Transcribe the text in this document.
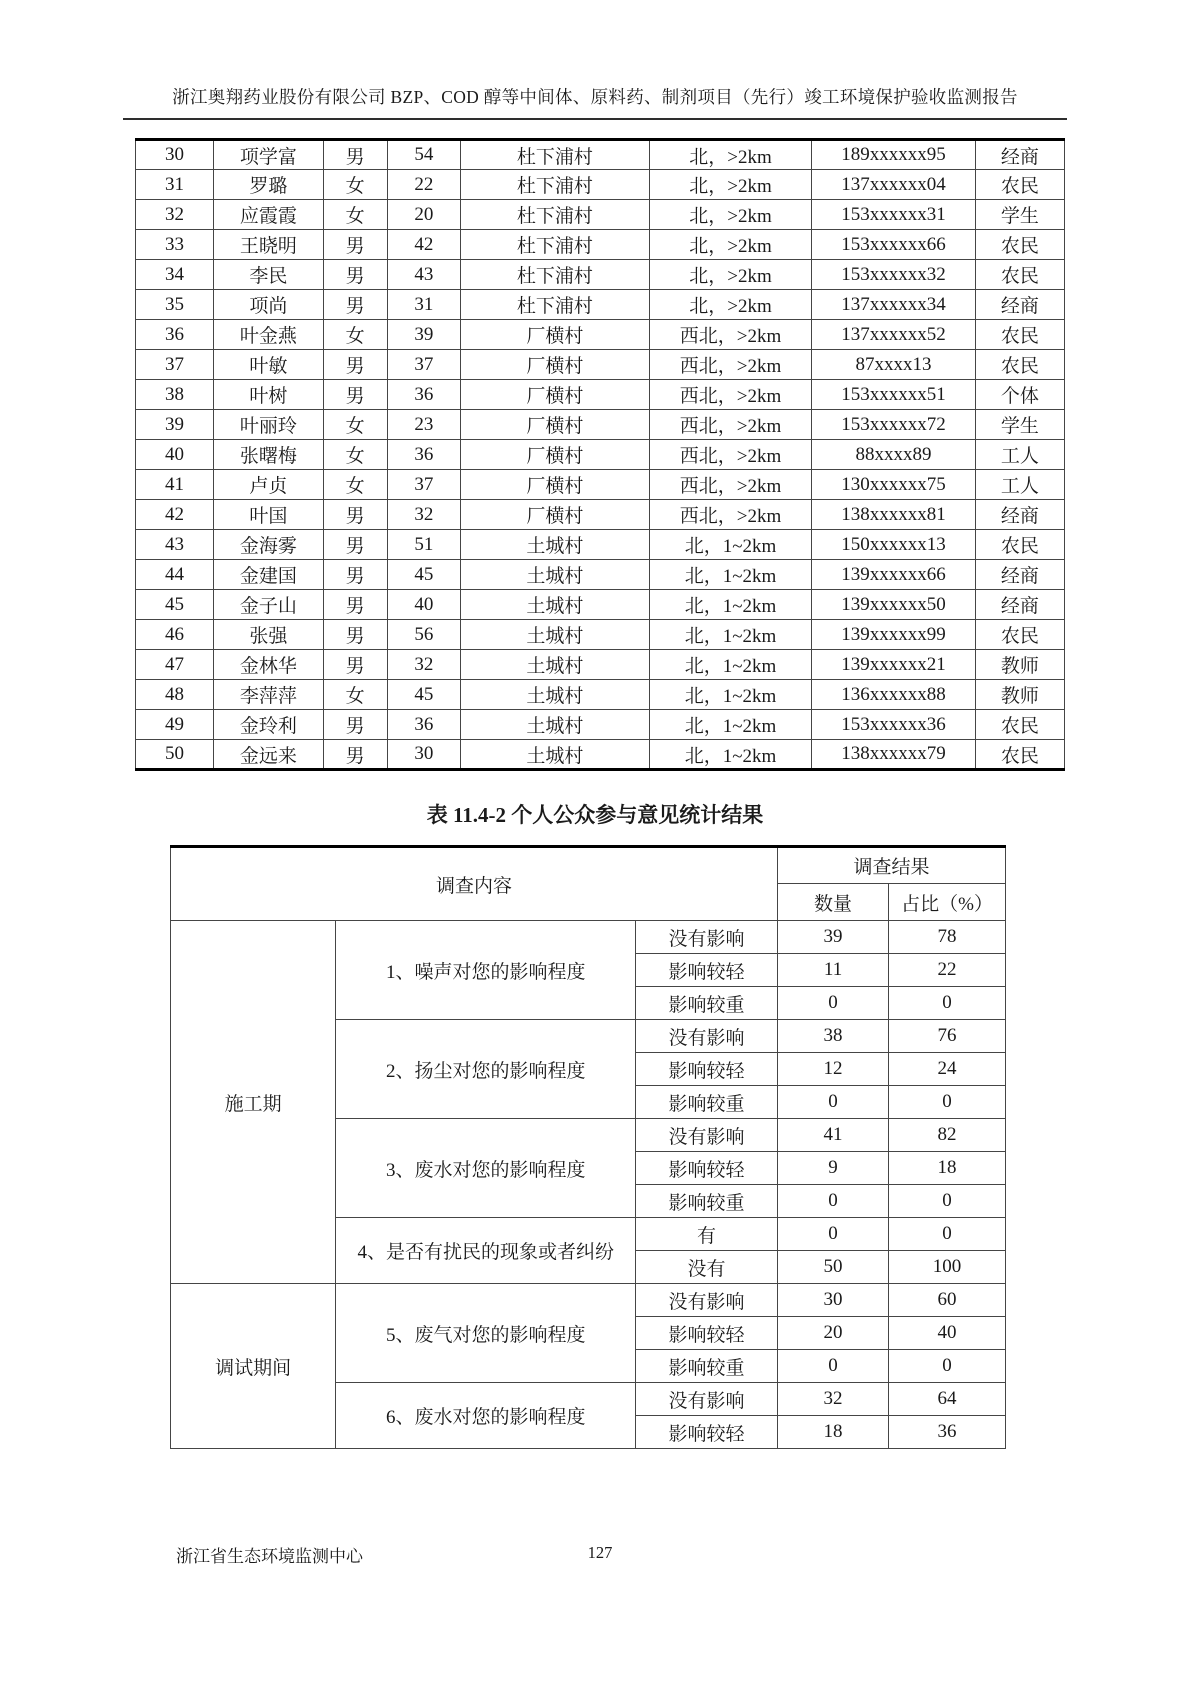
浙江奥翔药业股份有限公司 BZP、COD 醇等中间体、原料药、制剂项目（先行）竣工环境保护验收监测报告
30	项学富	男	54	杜下浦村	北，>2km	189xxxxxx95	经商
31	罗璐	女	22	杜下浦村	北，>2km	137xxxxxx04	农民
32	应霞霞	女	20	杜下浦村	北，>2km	153xxxxxx31	学生
33	王晓明	男	42	杜下浦村	北，>2km	153xxxxxx66	农民
34	李民	男	43	杜下浦村	北，>2km	153xxxxxx32	农民
35	项尚	男	31	杜下浦村	北，>2km	137xxxxxx34	经商
36	叶金燕	女	39	厂横村	西北，>2km	137xxxxxx52	农民
37	叶敏	男	37	厂横村	西北，>2km	87xxxx13	农民
38	叶树	男	36	厂横村	西北，>2km	153xxxxxx51	个体
39	叶丽玲	女	23	厂横村	西北，>2km	153xxxxxx72	学生
40	张曙梅	女	36	厂横村	西北，>2km	88xxxx89	工人
41	卢贞	女	37	厂横村	西北，>2km	130xxxxxx75	工人
42	叶国	男	32	厂横村	西北，>2km	138xxxxxx81	经商
43	金海雾	男	51	土城村	北，1~2km	150xxxxxx13	农民
44	金建国	男	45	土城村	北，1~2km	139xxxxxx66	经商
45	金子山	男	40	土城村	北，1~2km	139xxxxxx50	经商
46	张强	男	56	土城村	北，1~2km	139xxxxxx99	农民
47	金林华	男	32	土城村	北，1~2km	139xxxxxx21	教师
48	李萍萍	女	45	土城村	北，1~2km	136xxxxxx88	教师
49	金玲利	男	36	土城村	北，1~2km	153xxxxxx36	农民
50	金远来	男	30	土城村	北，1~2km	138xxxxxx79	农民
表 11.4-2 个人公众参与意见统计结果
调查内容			调查结果	
			数量	占比（%）
施工期	1、噪声对您的影响程度	没有影响	39	78
		影响较轻	11	22
		影响较重	0	0
	2、扬尘对您的影响程度	没有影响	38	76
		影响较轻	12	24
		影响较重	0	0
	3、废水对您的影响程度	没有影响	41	82
		影响较轻	9	18
		影响较重	0	0
	4、是否有扰民的现象或者纠纷	有	0	0
		没有	50	100
调试期间	5、废气对您的影响程度	没有影响	30	60
		影响较轻	20	40
		影响较重	0	0
	6、废水对您的影响程度	没有影响	32	64
		影响较轻	18	36
浙江省生态环境监测中心	127
